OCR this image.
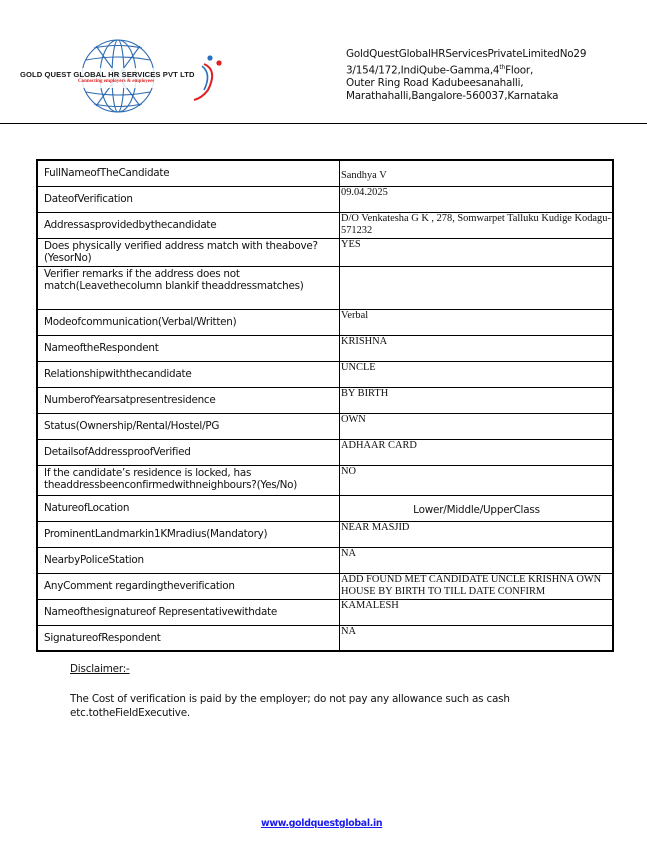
GOLD QUEST GLOBAL HR SERVICES PVT LTD
Connecting employers & employees
GoldQuestGlobalHRServicesPrivateLimitedNo29
3/154/172,IndiQube-Gamma,4thFloor,
Outer Ring Road Kadubeesanahalli,
Marathahalli,Bangalore-560037,Karnataka
FullNameofTheCandidate	Sandhya V
DateofVerification	09.04.2025
Addressasprovidedbythecandidate	D/O Venkatesha G K , 278, Somwarpet Talluku Kudige Kodagu-571232
Does physically verified address match with theabove? (YesorNo)	YES
Verifier remarks if the address does not match(Leavethecolumn blankif theaddressmatches)	
Modeofcommunication(Verbal/Written)	Verbal
NameoftheRespondent	KRISHNA
Relationshipwiththecandidate	UNCLE
NumberofYearsatpresentresidence	BY BIRTH
Status(Ownership/Rental/Hostel/PG	OWN
DetailsofAddressproofVerified	ADHAAR CARD
If the candidate’s residence is locked, has theaddressbeenconfirmedwithneighbours?(Yes/No)	NO
NatureofLocation	Lower/Middle/UpperClass
ProminentLandmarkin1KMradius(Mandatory)	NEAR MASJID
NearbyPoliceStation	NA
AnyComment regardingtheverification	ADD FOUND MET CANDIDATE UNCLE KRISHNA OWN HOUSE BY BIRTH TO TILL DATE CONFIRM
Nameofthesignatureof Representativewithdate	KAMALESH
SignatureofRespondent	NA
Disclaimer:-
The Cost of verification is paid by the employer; do not pay any allowance such as cash etc.totheFieldExecutive.
www.goldquestglobal.in
